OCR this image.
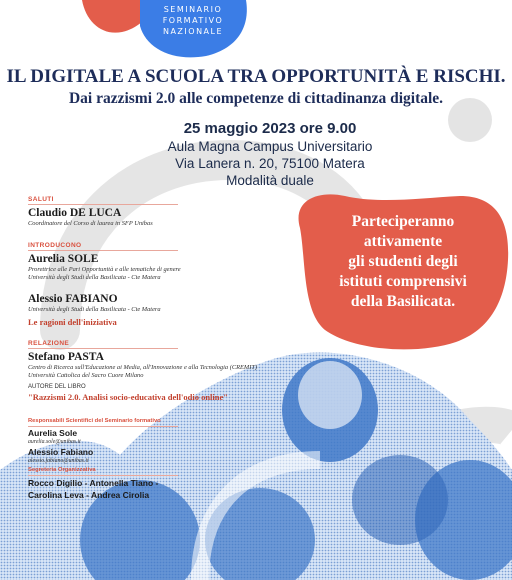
SEMINARIO
FORMATIVO
NAZIONALE
IL DIGITALE A SCUOLA TRA OPPORTUNITÀ E RISCHI.
Dai razzismi 2.0 alle competenze di cittadinanza digitale.
25 maggio 2023 ore 9.00
Aula Magna Campus Universitario
Via Lanera n. 20, 75100 Matera
Modalità duale
SALUTI
Claudio DE LUCA
Coordinatore del Corso di laurea in SFP Unibas
INTRODUCONO
Aurelia SOLE
Prorettrice alle Pari Opportunità e alle tematiche di genere
Università degli Studi della Basilicata - Cte Matera
Alessio FABIANO
Università degli Studi della Basilicata - Cte Matera
Le ragioni dell'iniziativa
RELAZIONE
Stefano PASTA
Centro di Ricerca sull'Educazione ai Media, all'Innovazione e alla Tecnologia (CREMIT)
Università Cattolica del Sacro Cuore Milano
AUTORE DEL LIBRO
"Razzismi 2.0. Analisi socio-educativa dell'odio online"
Responsabili Scientifici del Seminario formativo
Aurelia Sole
aurelia.sole@unibas.it
Alessio Fabiano
alessio.fabiano@unibas.it
Segreteria Organizzativa
Rocco Digilio - Antonella Tiano -
Carolina Leva - Andrea Cirolia
Parteciperanno
attivamente
gli studenti degli
istituti comprensivi
della Basilicata.
